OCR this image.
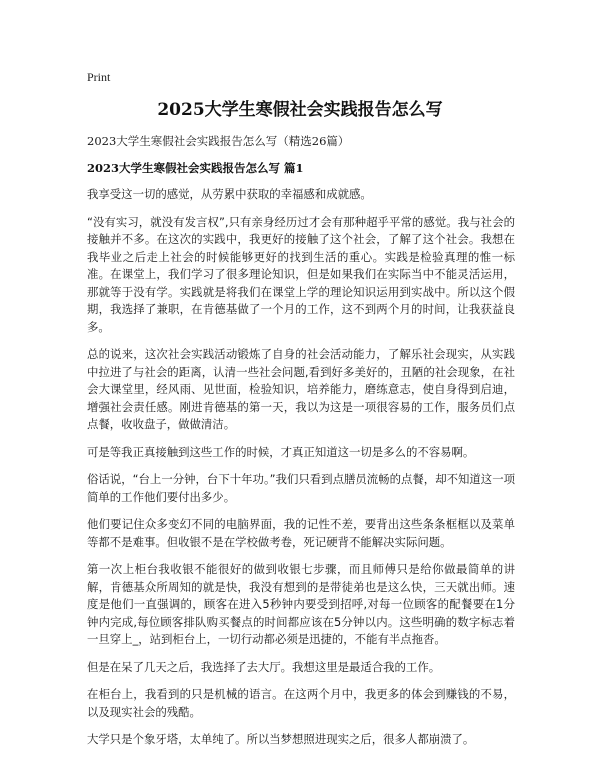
Print
2025大学生寒假社会实践报告怎么写

2023大学生寒假社会实践报告怎么写（精选26篇）

2023大学生寒假社会实践报告怎么写 篇1

我享受这一切的感觉，从劳累中获取的幸福感和成就感。

“没有实习，就没有发言权”,只有亲身经历过才会有那种超乎平常的感觉。我与社会的接触并不多。在这次的实践中，我更好的接触了这个社会，了解了这个社会。我想在我毕业之后走上社会的时候能够更好的找到生活的重心。实践是检验真理的惟一标准。在课堂上，我们学习了很多理论知识，但是如果我们在实际当中不能灵活运用，那就等于没有学。实践就是将我们在课堂上学的理论知识运用到实战中。所以这个假期，我选择了兼职，在肯德基做了一个月的工作，这不到两个月的时间，让我获益良多。

总的说来，这次社会实践活动锻炼了自身的社会活动能力，了解乐社会现实，从实践中拉进了与社会的距离，认清一些社会问题,看到好多美好的，丑陋的社会现象，在社会大课堂里，经风雨、见世面，检验知识，培养能力，磨练意志，使自身得到启迪，增强社会责任感。刚进肯德基的第一天，我以为这是一项很容易的工作，服务员们点点餐，收收盘子，做做清洁。

可是等我正真接触到这些工作的时候，才真正知道这一切是多么的不容易啊。

俗话说，“台上一分钟，台下十年功。”我们只看到点膳员流畅的点餐，却不知道这一项简单的工作他们要付出多少。

他们要记住众多变幻不同的电脑界面，我的记性不差，要背出这些条条框框以及菜单等都不是难事。但收银不是在学校做考卷，死记硬背不能解决实际问题。

第一次上柜台我收银不能很好的做到收银七步骤，而且师傅只是给你做最简单的讲解，肯德基众所周知的就是快，我没有想到的是带徒弟也是这么快，三天就出师。速度是他们一直强调的，顾客在进入5秒钟内要受到招呼,对每一位顾客的配餐要在1分钟内完成,每位顾客排队购买餐点的时间都应该在5分钟以内。这些明确的数字标志着一旦穿上_，站到柜台上，一切行动都必须是迅捷的，不能有半点拖沓。

但是在呆了几天之后，我选择了去大厅。我想这里是最适合我的工作。

在柜台上，我看到的只是机械的语言。在这两个月中，我更多的体会到赚钱的不易，以及现实社会的残酷。

大学只是个象牙塔，太单纯了。所以当梦想照进现实之后，很多人都崩溃了。
